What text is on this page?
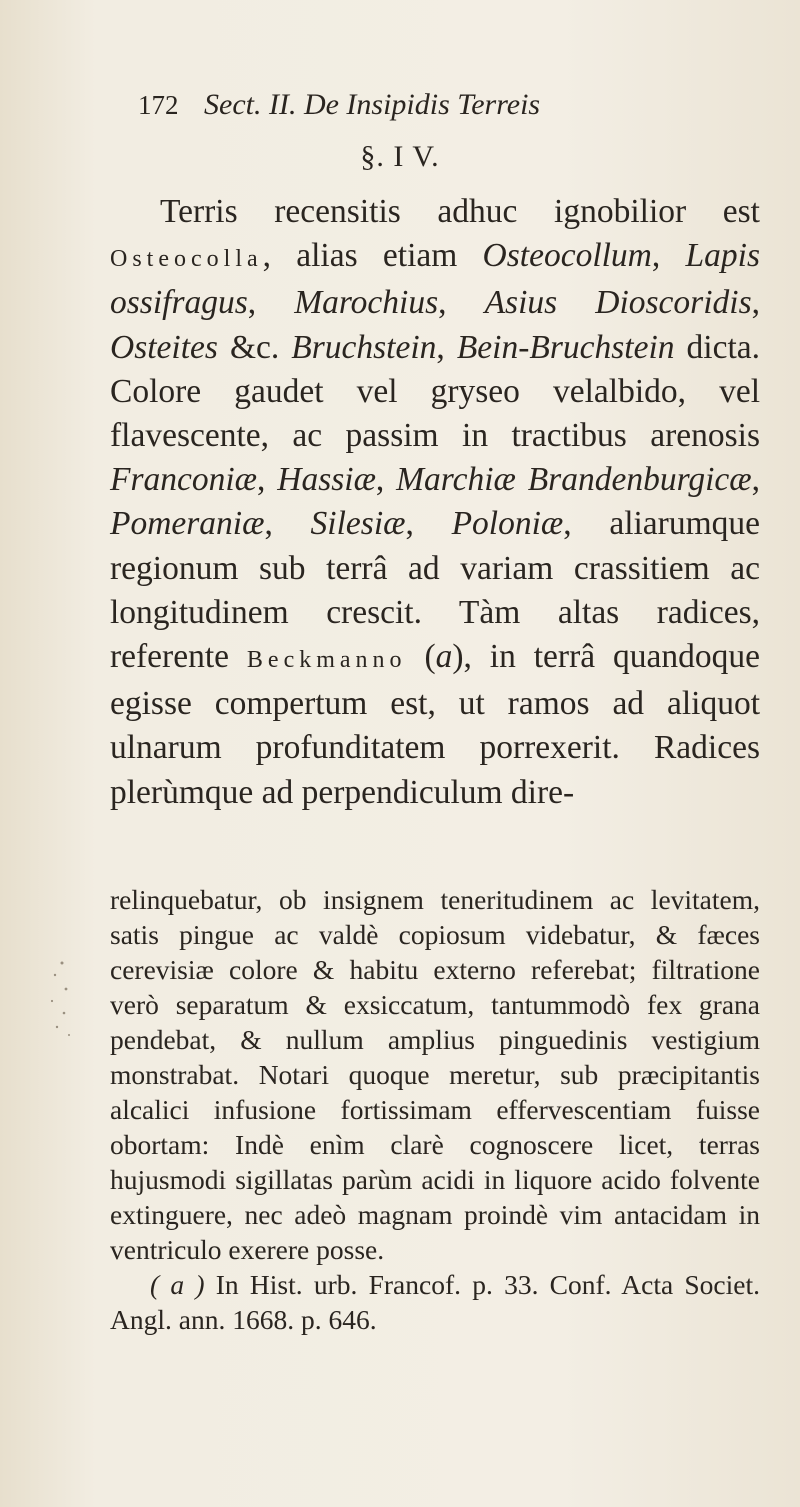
172 Sect. II. De Insipidis Terreis
§. I V.

Terris recensitis adhuc ignobilior est Osteocolla, alias etiam Osteocollum, Lapis ossifragus, Marochius, Asius Dioscoridis, Osteites &c. Bruchstein, Bein-Bruchstein dicta. Colore gaudet vel gryseo velalbido, vel flavescente, ac passim in tractibus arenosis Franconiæ, Hassiæ, Marchiæ Brandenburgicæ, Pomeraniæ, Silesiæ, Poloniæ, aliarumque regionum sub terrâ ad variam crassitiem ac longitudinem crescit. Tàm altas radices, referente Beckmanno (a), in terrâ quandoque egisse compertum est, ut ramos ad aliquot ulnarum profunditatem porrexerit. Radices plerùmque ad perpendiculum dire-

relinquebatur, ob insignem teneritudinem ac levitatem, satis pingue ac valdè copiosum videbatur, & fæces cerevisiæ colore & habitu externo referebat; filtratione verò separatum & exsiccatum, tantummodò fex grana pendebat, & nullum amplius pinguedinis vestigium monstrabat. Notari quoque meretur, sub præcipitantis alcalici infusione fortissimam effervescentiam fuisse obortam: Indè enìm clarè cognoscere licet, terras hujusmodi sigillatas parùm acidi in liquore acido folvente extinguere, nec adeò magnam proindè vim antacidam in ventriculo exerere posse.

( a ) In Hist. urb. Francof. p. 33. Conf. Acta Societ. Angl. ann. 1668. p. 646.
